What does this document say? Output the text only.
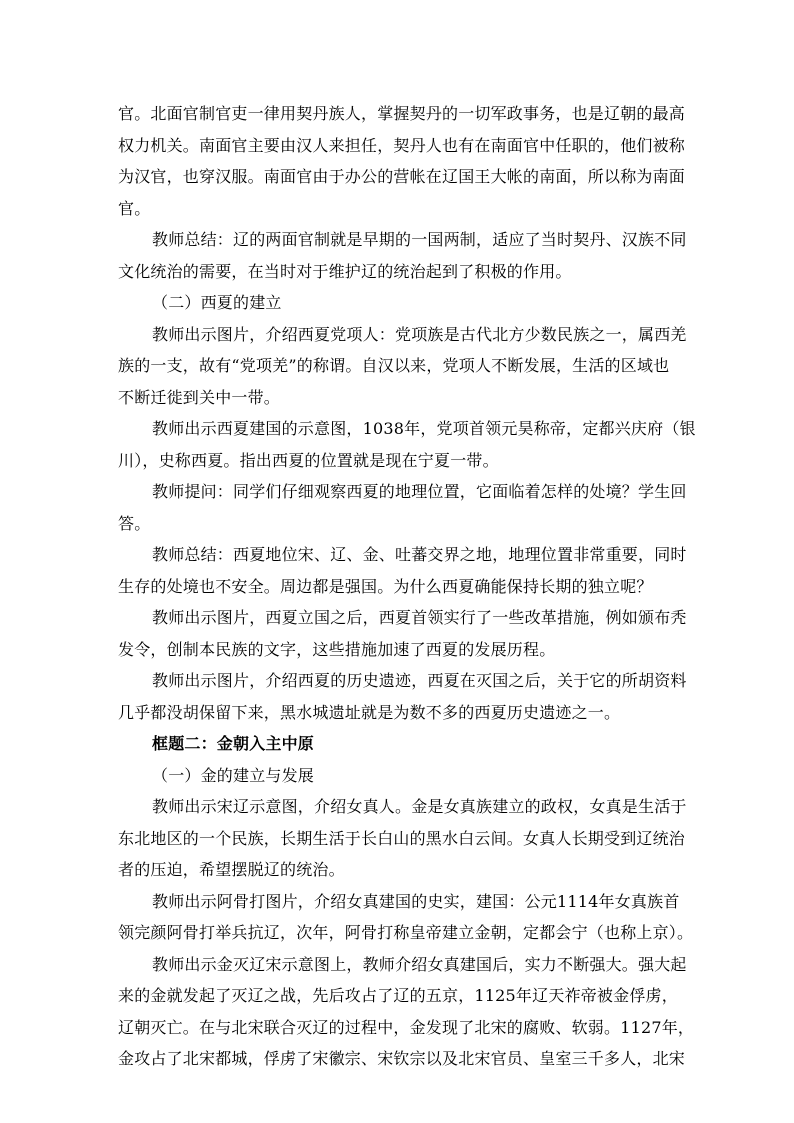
官。北面官制官吏一律用契丹族人，掌握契丹的一切军政事务，也是辽朝的最高
权力机关。南面官主要由汉人来担任，契丹人也有在南面官中任职的，他们被称
为汉官，也穿汉服。南面官由于办公的营帐在辽国王大帐的南面，所以称为南面
官。
教师总结：辽的两面官制就是早期的一国两制，适应了当时契丹、汉族不同
文化统治的需要，在当时对于维护辽的统治起到了积极的作用。
（二）西夏的建立
教师出示图片，介绍西夏党项人：党项族是古代北方少数民族之一，属西羌
族的一支，故有“党项羌”的称谓。自汉以来，党项人不断发展，生活的区域也
不断迁徙到关中一带。
教师出示西夏建国的示意图，1038年，党项首领元昊称帝，定都兴庆府（银
川），史称西夏。指出西夏的位置就是现在宁夏一带。
教师提问：同学们仔细观察西夏的地理位置，它面临着怎样的处境？学生回
答。
教师总结：西夏地位宋、辽、金、吐蕃交界之地，地理位置非常重要，同时
生存的处境也不安全。周边都是强国。为什么西夏确能保持长期的独立呢？
教师出示图片，西夏立国之后，西夏首领实行了一些改革措施，例如颁布秃
发令，创制本民族的文字，这些措施加速了西夏的发展历程。
教师出示图片，介绍西夏的历史遗迹，西夏在灭国之后，关于它的所胡资料
几乎都没胡保留下来，黑水城遗址就是为数不多的西夏历史遗迹之一。
框题二：金朝入主中原
（一）金的建立与发展
教师出示宋辽示意图，介绍女真人。金是女真族建立的政权，女真是生活于
东北地区的一个民族，长期生活于长白山的黑水白云间。女真人长期受到辽统治
者的压迫，希望摆脱辽的统治。
教师出示阿骨打图片，介绍女真建国的史实，建国：公元1114年女真族首
领完颜阿骨打举兵抗辽，次年，阿骨打称皇帝建立金朝，定都会宁（也称上京）。
教师出示金灭辽宋示意图上，教师介绍女真建国后，实力不断强大。强大起
来的金就发起了灭辽之战，先后攻占了辽的五京，1125年辽天祚帝被金俘虏，
辽朝灭亡。在与北宋联合灭辽的过程中，金发现了北宋的腐败、软弱。1127年，
金攻占了北宋都城，俘虏了宋徽宗、宋钦宗以及北宋官员、皇室三千多人，北宋
